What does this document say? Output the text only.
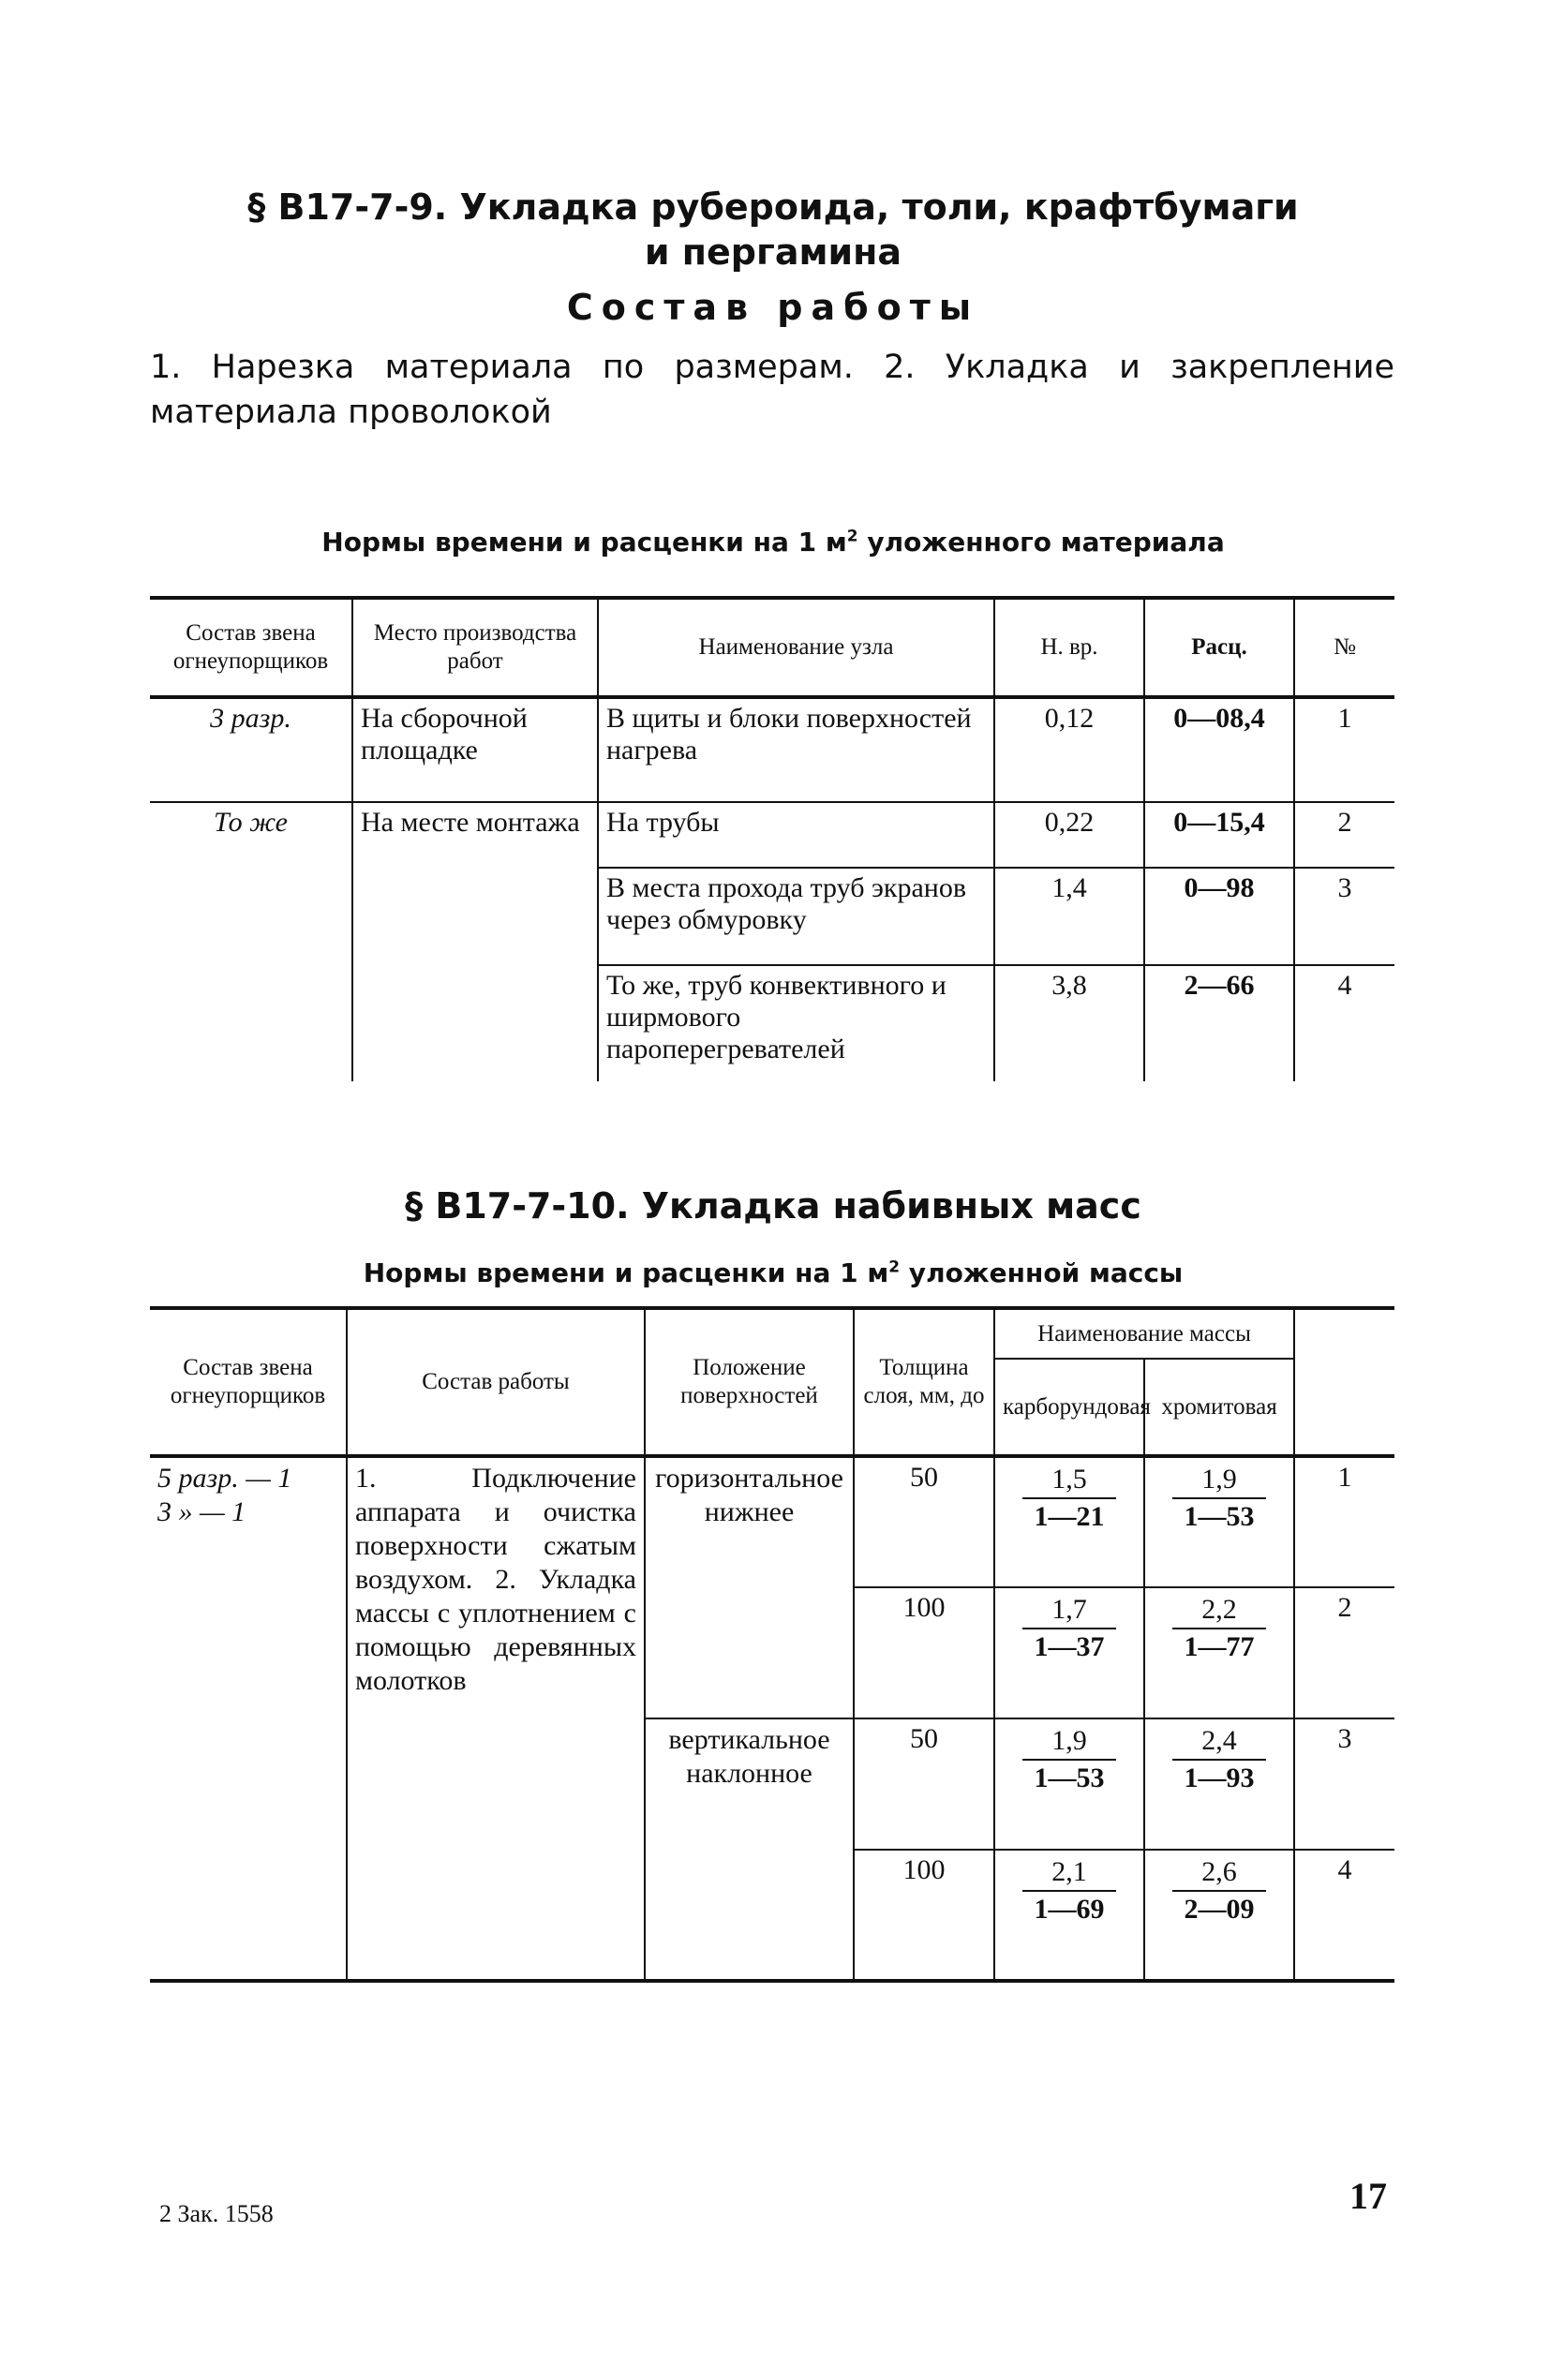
§ В17-7-9. Укладка рубероида, толи, крафтбумаги
и пергамина
Состав работы
1. Нарезка материала по размерам. 2. Укладка и закрепление материала проволокой
Нормы времени и расценки на 1 $м^2$ уложенного материала
Состав звена огнеупорщиков	Место производства работ	Наименование узла	Н. вр.	Расц.	№
3 разр.	На сборочной площадке	В щиты и блоки поверхностей нагрева	0,12	0—08,4	1
То же	На месте монтажа	На трубы	0,22	0—15,4	2
		В места прохода труб экранов через обмуровку	1,4	0—98	3
		То же, труб конвективного и ширмового пароперегревателей	3,8	2—66	4
§ В17-7-10. Укладка набивных масс
Нормы времени и расценки на 1 $м^2$ уложенной массы
Состав звена огнеупорщиков	Состав работы	Положение поверхностей	Толщина слоя, мм, до	Наименование массы		
				карборундовая	хромитовая	
5 разр. — 1
3 » — 1	1. Подключение аппарата и очистка поверхности сжатым воздухом. 2. Укладка массы с уплотнением с помощью деревянных молотков	горизонтальное нижнее	50	$\frac{1,5}{1—21}$	$\frac{1,9}{1—53}$	1
			100	$\frac{1,7}{1—37}$	$\frac{2,2}{1—77}$	2
		вертикальное наклонное	50	$\frac{1,9}{1—53}$	$\frac{2,4}{1—93}$	3
			100	$\frac{2,1}{1—69}$	$\frac{2,6}{2—09}$	4
2 Зак. 1558	17
